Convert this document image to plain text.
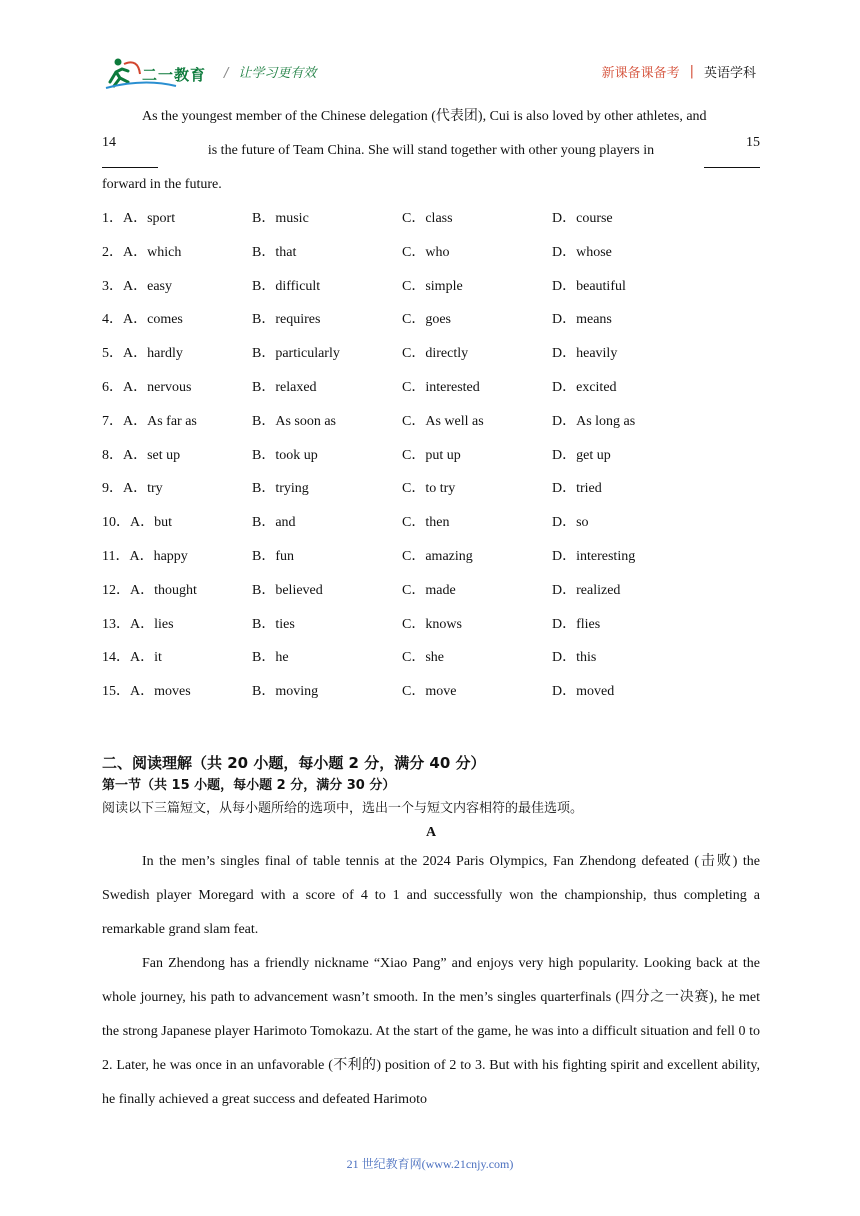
二一教育 / 让学习更有效	新课备课备考 | 英语学科

As the youngest member of the Chinese delegation (代表团), Cui is also loved by other athletes, and

14
is the future of Team China. She will stand together with other young players in
15

forward in the future.

1．A．sport	B．music	C．class	D．course
2．A．which	B．that	C．who	D．whose
3．A．easy	B．difficult	C．simple	D．beautiful
4．A．comes	B．requires	C．goes	D．means
5．A．hardly	B．particularly	C．directly	D．heavily
6．A．nervous	B．relaxed	C．interested	D．excited
7．A．As far as	B．As soon as	C．As well as	D．As long as
8．A．set up	B．took up	C．put up	D．get up
9．A．try	B．trying	C．to try	D．tried
10．A．but	B．and	C．then	D．so
11．A．happy	B．fun	C．amazing	D．interesting
12．A．thought	B．believed	C．made	D．realized
13．A．lies	B．ties	C．knows	D．flies
14．A．it	B．he	C．she	D．this
15．A．moves	B．moving	C．move	D．moved

二、阅读理解（共 20 小题，每小题 2 分，满分 40 分）

第一节（共 15 小题，每小题 2 分，满分 30 分）

阅读以下三篇短文，从每小题所给的选项中，选出一个与短文内容相符的最佳选项。

A

In the men’s singles final of table tennis at the 2024 Paris Olympics, Fan Zhendong defeated (击败) the Swedish player Moregard with a score of 4 to 1 and successfully won the championship, thus completing a remarkable grand slam feat.

Fan Zhendong has a friendly nickname “Xiao Pang” and enjoys very high popularity. Looking back at the whole journey, his path to advancement wasn’t smooth. In the men’s singles quarterfinals (四分之一决赛), he met the strong Japanese player Harimoto Tomokazu. At the start of the game, he was into a difficult situation and fell 0 to 2. Later, he was once in an unfavorable (不利的) position of 2 to 3. But with his fighting spirit and excellent ability, he finally achieved a great success and defeated Harimoto

21 世纪教育网(www.21cnjy.com)
